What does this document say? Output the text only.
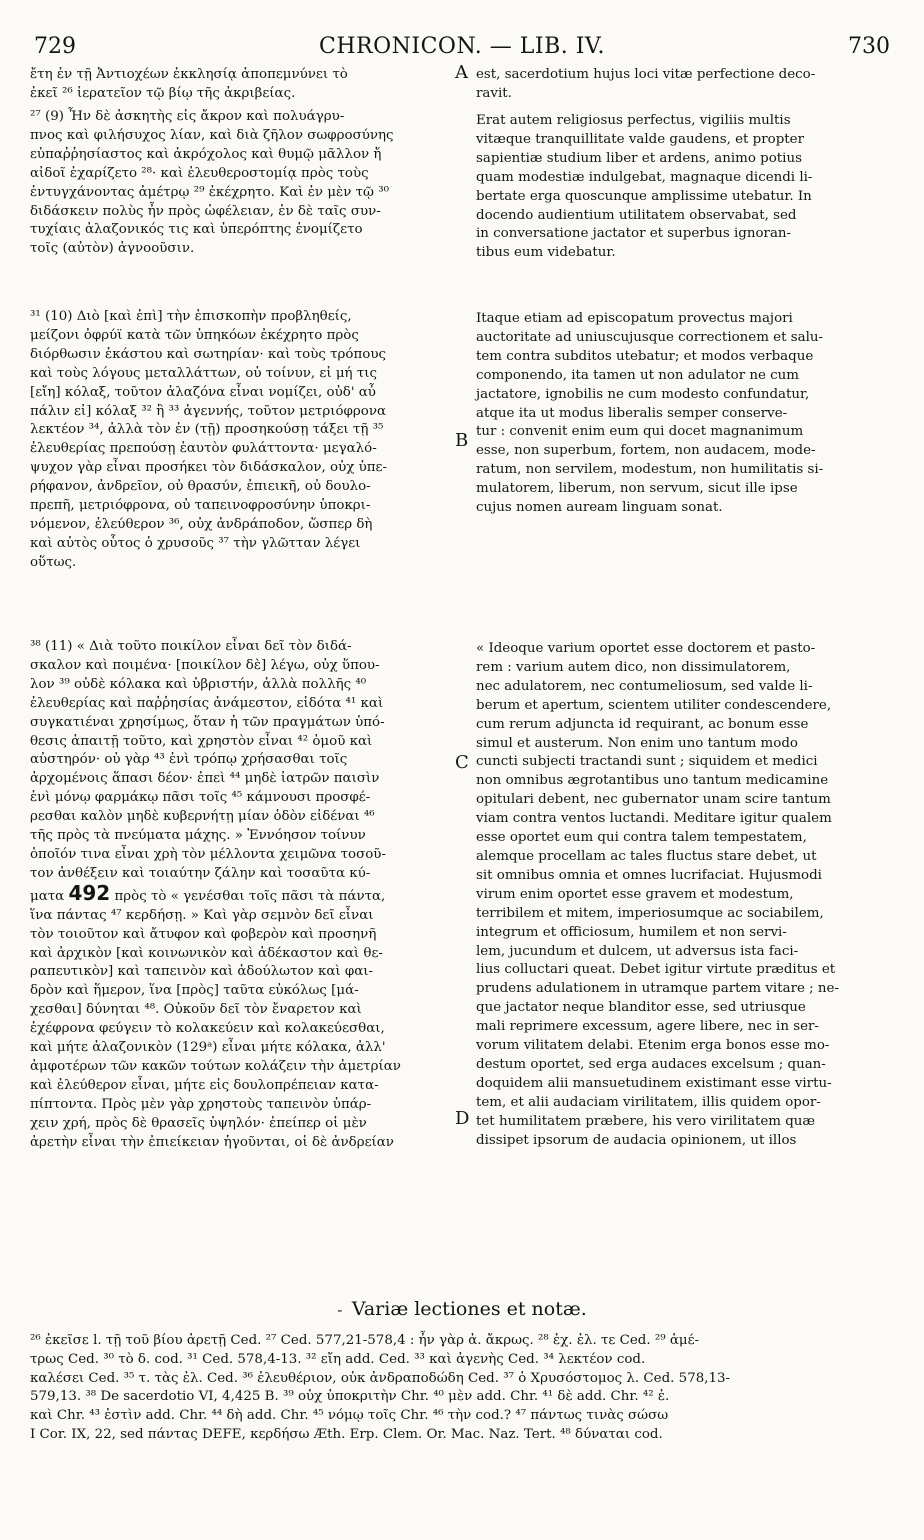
729	CHRONICON. — LIB. IV.	730
A
B
C
D
ἔτη ἐν τῇ Ἀντιοχέων ἐκκλησίᾳ ἀποπεμνύνει τὸ
ἐκεῖ ²⁶ ἱερατεῖον τῷ βίῳ τῆς ἀκριβείας.
²⁷ (9) Ἦν δὲ ἀσκητὴς εἰς ἄκρον καὶ πολυάγρυ-
πνος καὶ φιλήσυχος λίαν, καὶ διὰ ζῆλον σωφροσύνης
εὐπαῤῥησίαστος καὶ ἀκρόχολος καὶ θυμῷ μᾶλλον ἤ
αἰδοῖ ἐχαρίζετο ²⁸· καὶ ἐλευθεροστομίᾳ πρὸς τοὺς
ἐντυγχάνοντας ἀμέτρῳ ²⁹ ἐκέχρητο. Καὶ ἐν μὲν τῷ ³⁰
διδάσκειν πολὺς ἦν πρὸς ὠφέλειαν, ἐν δὲ ταῖς συν-
τυχίαις ἀλαζονικός τις καὶ ὑπερόπτης ἐνομίζετο
τοῖς (αὐτὸν) ἀγνοοῦσιν.
³¹ (10) Διὸ [καὶ ἐπὶ] τὴν ἐπισκοπὴν προβληθείς,
μείζονι ὀφρύϊ κατὰ τῶν ὑπηκόων ἐκέχρητο πρὸς
διόρθωσιν ἑκάστου καὶ σωτηρίαν· καὶ τοὺς τρόπους
καὶ τοὺς λόγους μεταλλάττων, οὐ τοίνυν, εἰ μή τις
[εἴη] κόλαξ, τοῦτον ἀλαζόνα εἶναι νομίζει, οὐδ' αὖ
πάλιν εἰ] κόλαξ ³² ἢ ³³ ἀγεννής, τοῦτον μετριόφρονα
λεκτέον ³⁴, ἀλλὰ τὸν ἐν (τῇ) προσηκούσῃ τάξει τῇ ³⁵
ἐλευθερίας πρεπούσῃ ἑαυτὸν φυλάττοντα· μεγαλό-
ψυχον γὰρ εἶναι προσήκει τὸν διδάσκαλον, οὐχ ὑπε-
ρήφανον, ἀνδρεῖον, οὐ θρασύν, ἐπιεικῆ, οὐ δουλο-
πρεπῆ, μετριόφρονα, οὐ ταπεινοφροσύνην ὑποκρι-
νόμενον, ἐλεύθερον ³⁶, οὐχ ἀνδράποδον, ὥσπερ δὴ
καὶ αὐτὸς οὗτος ὁ χρυσοῦς ³⁷ τὴν γλῶτταν λέγει
οὕτως.
³⁸ (11) « Διὰ τοῦτο ποικίλον εἶναι δεῖ τὸν διδά-
σκαλον καὶ ποιμένα· [ποικίλον δὲ] λέγω, οὐχ ὕπου-
λον ³⁹ οὐδὲ κόλακα καὶ ὑβριστήν, ἀλλὰ πολλῆς ⁴⁰
ἐλευθερίας καὶ παῤῥησίας ἀνάμεστον, εἰδότα ⁴¹ καὶ
συγκατιέναι χρησίμως, ὅταν ἡ τῶν πραγμάτων ὑπό-
θεσις ἀπαιτῇ τοῦτο, καὶ χρηστὸν εἶναι ⁴² ὁμοῦ καὶ
αὐστηρόν· οὐ γὰρ ⁴³ ἑνὶ τρόπῳ χρήσασθαι τοῖς
ἀρχομένοις ἅπασι δέον· ἐπεὶ ⁴⁴ μηδὲ ἰατρῶν παισὶν
ἑνὶ μόνῳ φαρμάκῳ πᾶσι τοῖς ⁴⁵ κάμνουσι προσφέ-
ρεσθαι καλὸν μηδὲ κυβερνήτῃ μίαν ὁδὸν εἰδέναι ⁴⁶
τῆς πρὸς τὰ πνεύματα μάχης. » Ἐννόησον τοίνυν
ὁποῖόν τινα εἶναι χρὴ τὸν μέλλοντα χειμῶνα τοσοῦ-
τον ἀνθέξειν καὶ τοιαύτην ζάλην καὶ τοσαῦτα κύ-
ματα 492 πρὸς τὸ « γενέσθαι τοῖς πᾶσι τὰ πάντα,
ἵνα πάντας ⁴⁷ κερδήσῃ. » Καὶ γὰρ σεμνὸν δεῖ εἶναι
τὸν τοιοῦτον καὶ ἄτυφον καὶ φοβερὸν καὶ προσηνῆ
καὶ ἀρχικὸν [καὶ κοινωνικὸν καὶ ἀδέκαστον καὶ θε-
ραπευτικὸν] καὶ ταπεινὸν καὶ ἀδούλωτον καὶ φαι-
δρὸν καὶ ἥμερον, ἵνα [πρὸς] ταῦτα εὐκόλως [μά-
χεσθαι] δύνηται ⁴⁸. Οὐκοῦν δεῖ τὸν ἔναρετον καὶ
ἐχέφρονα φεύγειν τὸ κολακεύειν καὶ κολακεύεσθαι,
καὶ μήτε ἀλαζονικὸν (129ᵃ) εἶναι μήτε κόλακα, ἀλλ'
ἀμφοτέρων τῶν κακῶν τούτων κολάζειν τὴν ἀμετρίαν
καὶ ἐλεύθερον εἶναι, μήτε εἰς δουλοπρέπειαν κατα-
πίπτοντα. Πρὸς μὲν γὰρ χρηστοὺς ταπεινὸν ὑπάρ-
χειν χρή, πρὸς δὲ θρασεῖς ὑψηλόν· ἐπείπερ οἱ μὲν
ἀρετὴν εἶναι τὴν ἐπιείκειαν ἡγοῦνται, οἱ δὲ ἀνδρείαν
est, sacerdotium hujus loci vitæ perfectione deco-
ravit.
Erat autem religiosus perfectus, vigiliis multis
vitæque tranquillitate valde gaudens, et propter
sapientiæ studium liber et ardens, animo potius
quam modestiæ indulgebat, magnaque dicendi li-
bertate erga quoscunque amplissime utebatur. In
docendo audientium utilitatem observabat, sed
in conversatione jactator et superbus ignoran-
tibus eum videbatur.
Itaque etiam ad episcopatum provectus majori
auctoritate ad uniuscujusque correctionem et salu-
tem contra subditos utebatur; et modos verbaque
componendo, ita tamen ut non adulator ne cum
jactatore, ignobilis ne cum modesto confundatur,
atque ita ut modus liberalis semper conserve-
tur : convenit enim eum qui docet magnanimum
esse, non superbum, fortem, non audacem, mode-
ratum, non servilem, modestum, non humilitatis si-
mulatorem, liberum, non servum, sicut ille ipse
cujus nomen auream linguam sonat.
« Ideoque varium oportet esse doctorem et pasto-
rem : varium autem dico, non dissimulatorem,
nec adulatorem, nec contumeliosum, sed valde li-
berum et apertum, scientem utiliter condescendere,
cum rerum adjuncta id requirant, ac bonum esse
simul et austerum. Non enim uno tantum modo
cuncti subjecti tractandi sunt ; siquidem et medici
non omnibus ægrotantibus uno tantum medicamine
opitulari debent, nec gubernator unam scire tantum
viam contra ventos luctandi. Meditare igitur qualem
esse oportet eum qui contra talem tempestatem,
alemque procellam ac tales fluctus stare debet, ut
sit omnibus omnia et omnes lucrifaciat. Hujusmodi
virum enim oportet esse gravem et modestum,
terribilem et mitem, imperiosumque ac sociabilem,
integrum et officiosum, humilem et non servi-
lem, jucundum et dulcem, ut adversus ista faci-
lius colluctari queat. Debet igitur virtute præditus et
prudens adulationem in utramque partem vitare ; ne-
que jactator neque blanditor esse, sed utriusque
mali reprimere excessum, agere libere, nec in ser-
vorum vilitatem delabi. Etenim erga bonos esse mo-
destum oportet, sed erga audaces excelsum ; quan-
doquidem alii mansuetudinem existimant esse virtu-
tem, et alii audaciam virilitatem, illis quidem opor-
tet humilitatem præbere, his vero virilitatem quæ
dissipet ipsorum de audacia opinionem, ut illos
-  Variæ lectiones et notæ.
²⁶ ἐκεῖσε l. τῇ τοῦ βίου ἀρετῇ Ced. ²⁷ Ced. 577,21-578,4 : ἦν γὰρ ἀ. ἄκρως. ²⁸ ἐχ. ἐλ. τε Ced. ²⁹ ἀμέ-
τρως Ced. ³⁰ τὸ δ. cod. ³¹ Ced. 578,4-13. ³² εἴη add. Ced. ³³ καὶ ἀγενὴς Ced. ³⁴ λεκτέον cod.
καλέσει Ced. ³⁵ τ. τὰς ἐλ. Ced. ³⁶ ἐλευθέριον, οὐκ ἀνδραποδώδη Ced. ³⁷ ὁ Χρυσόστομος λ. Ced. 578,13-
579,13. ³⁸ De sacerdotio VI, 4,425 B. ³⁹ οὐχ ὑποκριτὴν Chr. ⁴⁰ μὲν add. Chr. ⁴¹ δὲ add. Chr. ⁴² ἐ.
καὶ Chr. ⁴³ ἐστὶν add. Chr. ⁴⁴ δὴ add. Chr. ⁴⁵ νόμῳ τοῖς Chr. ⁴⁶ τὴν cod.? ⁴⁷ πάντως τινὰς σώσω
I Cor. IX, 22, sed πάντας DEFE, κερδήσω Æth. Erp. Clem. Or. Mac. Naz. Tert. ⁴⁸ δύναται cod.
